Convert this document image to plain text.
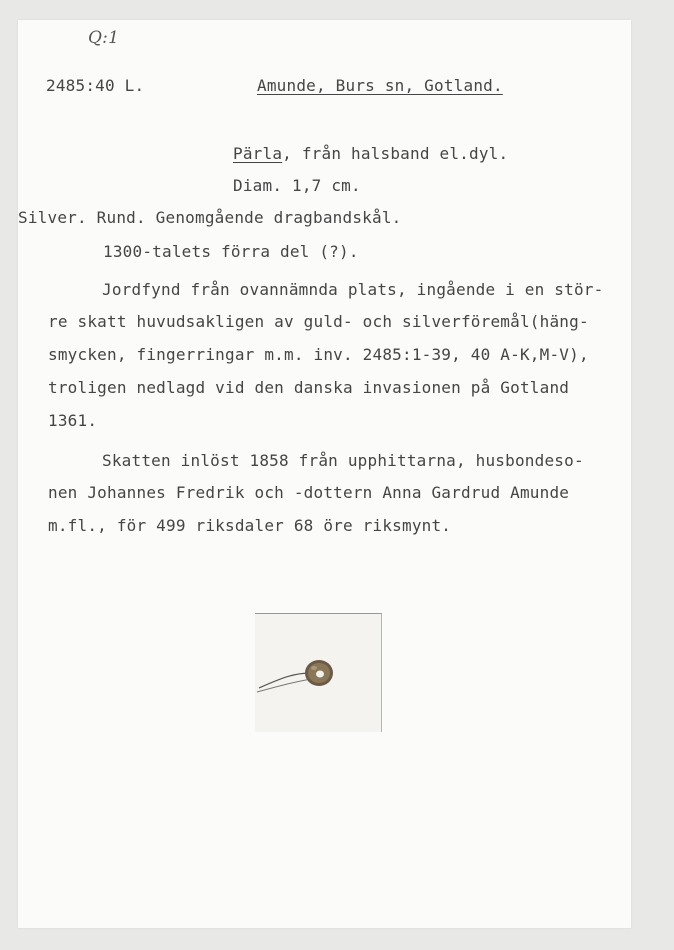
Q:1
2485:40 L.	Amunde, Burs sn, Gotland.
Pärla, från halsband el.dyl.
Diam. 1,7 cm.
Silver. Rund. Genomgående dragbandskål.
1300-talets förra del (?).
Jordfynd från ovannämnda plats, ingående i en stör-
re skatt huvudsakligen av guld- och silverföremål(häng-
smycken, fingerringar m.m. inv. 2485:1-39, 40 A-K,M-V),
troligen nedlagd vid den danska invasionen på Gotland
1361.
Skatten inlöst 1858 från upphittarna, husbondeso-
nen Johannes Fredrik och -dottern Anna Gardrud Amunde
m.fl., för 499 riksdaler 68 öre riksmynt.
